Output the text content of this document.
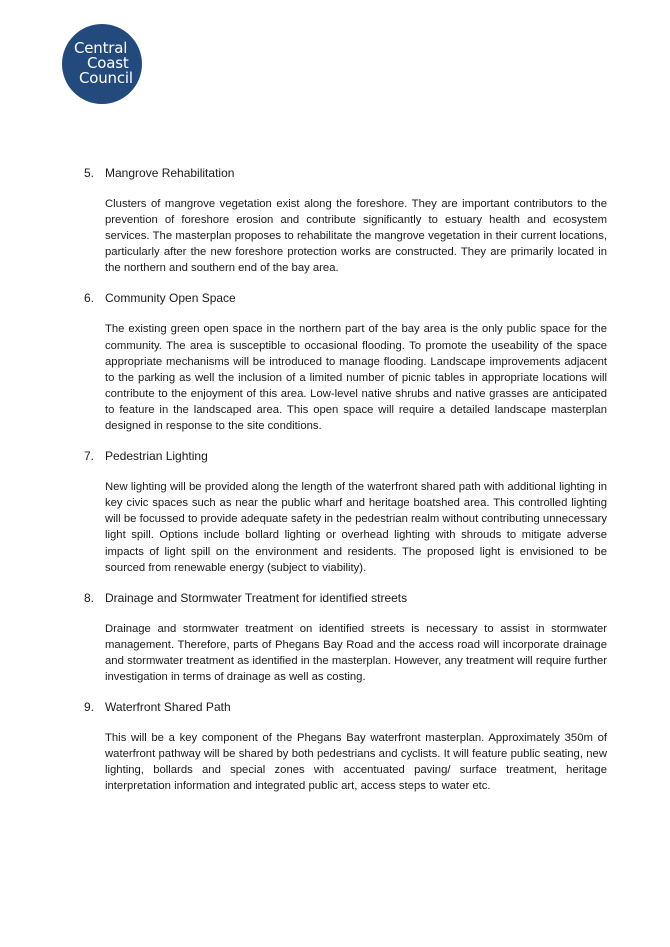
Central
Coast
Council
5. Mangrove Rehabilitation

Clusters of mangrove vegetation exist along the foreshore. They are important contributors to the prevention of foreshore erosion and contribute significantly to estuary health and ecosystem services. The masterplan proposes to rehabilitate the mangrove vegetation in their current locations, particularly after the new foreshore protection works are constructed. They are primarily located in the northern and southern end of the bay area.

6. Community Open Space

The existing green open space in the northern part of the bay area is the only public space for the community. The area is susceptible to occasional flooding. To promote the useability of the space appropriate mechanisms will be introduced to manage flooding. Landscape improvements adjacent to the parking as well the inclusion of a limited number of picnic tables in appropriate locations will contribute to the enjoyment of this area. Low-level native shrubs and native grasses are anticipated to feature in the landscaped area. This open space will require a detailed landscape masterplan designed in response to the site conditions.

7. Pedestrian Lighting

New lighting will be provided along the length of the waterfront shared path with additional lighting in key civic spaces such as near the public wharf and heritage boatshed area. This controlled lighting will be focussed to provide adequate safety in the pedestrian realm without contributing unnecessary light spill. Options include bollard lighting or overhead lighting with shrouds to mitigate adverse impacts of light spill on the environment and residents. The proposed light is envisioned to be sourced from renewable energy (subject to viability).

8. Drainage and Stormwater Treatment for identified streets

Drainage and stormwater treatment on identified streets is necessary to assist in stormwater management. Therefore, parts of Phegans Bay Road and the access road will incorporate drainage and stormwater treatment as identified in the masterplan. However, any treatment will require further investigation in terms of drainage as well as costing.

9. Waterfront Shared Path

This will be a key component of the Phegans Bay waterfront masterplan. Approximately 350m of waterfront pathway will be shared by both pedestrians and cyclists. It will feature public seating, new lighting, bollards and special zones with accentuated paving/ surface treatment, heritage interpretation information and integrated public art, access steps to water etc.
